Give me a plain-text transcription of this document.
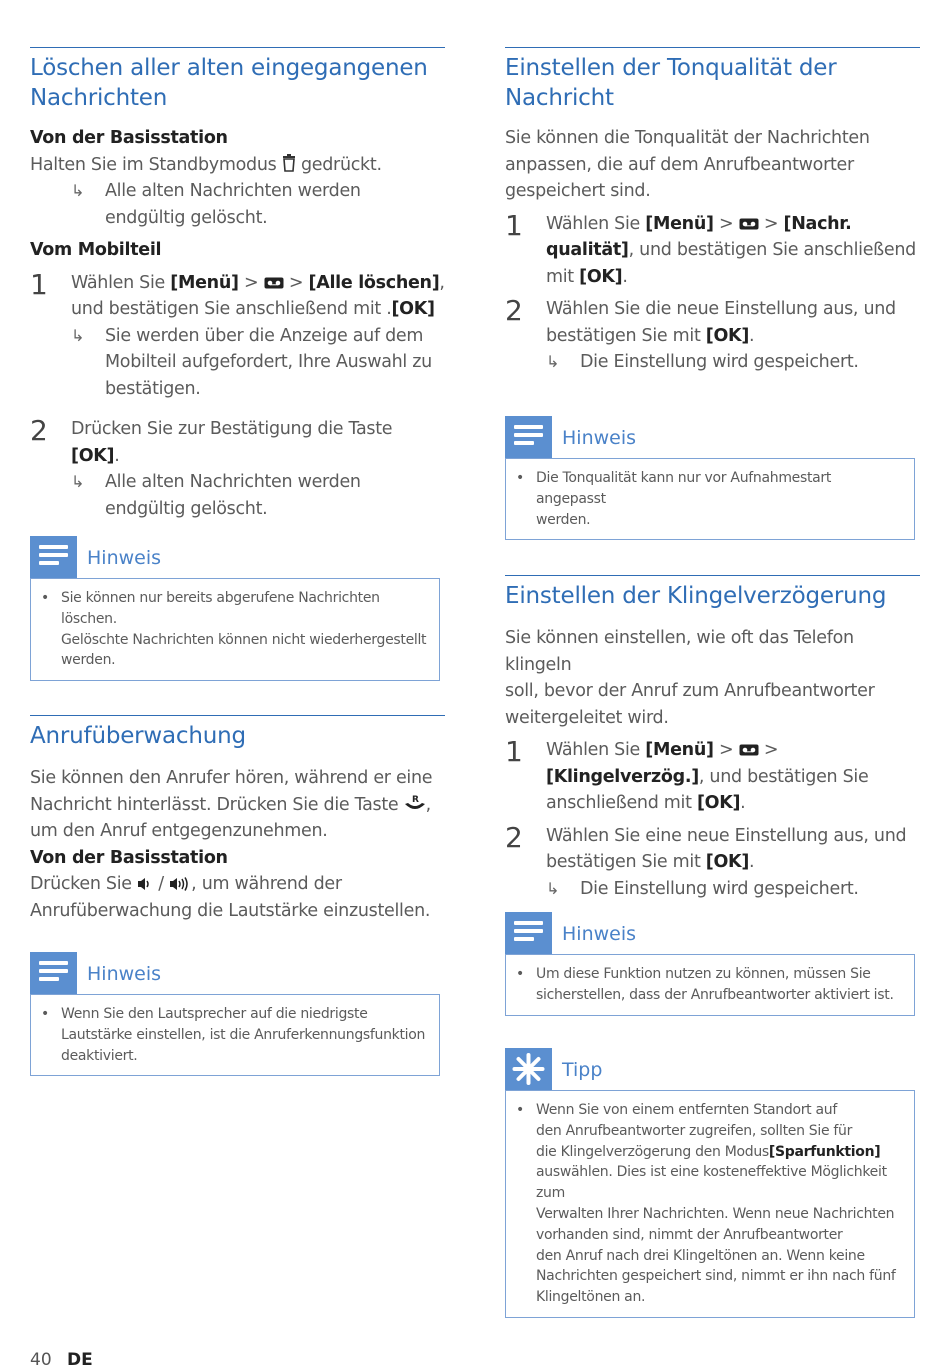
Löschen aller alten eingegangenen
Nachrichten
Von der Basisstation
Halten Sie im Standbymodus gedrückt.
↳ Alle alten Nachrichten werden
endgültig gelöscht.
Vom Mobilteil
1 Wählen Sie [Menü] > > [Alle löschen],
und bestätigen Sie anschließend mit .[OK]
↳ Sie werden über die Anzeige auf dem
Mobilteil aufgefordert, Ihre Auswahl zu
bestätigen.
2 Drücken Sie zur Bestätigung die Taste [OK].
↳ Alle alten Nachrichten werden
endgültig gelöscht.
Hinweis
• Sie können nur bereits abgerufene Nachrichten löschen.
Gelöschte Nachrichten können nicht wiederhergestellt
werden.
Anrufüberwachung
Sie können den Anrufer hören, während er eine
Nachricht hinterlässt. Drücken Sie die Taste R ,
um den Anruf entgegenzunehmen.
Von der Basisstation
Drücken Sie / , um während der
Anrufüberwachung die Lautstärke einzustellen.
Hinweis
• Wenn Sie den Lautsprecher auf die niedrigste
Lautstärke einstellen, ist die Anruferkennungsfunktion
deaktiviert.
Einstellen der Tonqualität der
Nachricht
Sie können die Tonqualität der Nachrichten
anpassen, die auf dem Anrufbeantworter
gespeichert sind.
1 Wählen Sie [Menü] > > [Nachr.
qualität], und bestätigen Sie anschließend
mit [OK].
2 Wählen Sie die neue Einstellung aus, und
bestätigen Sie mit [OK].
↳ Die Einstellung wird gespeichert.
Hinweis
• Die Tonqualität kann nur vor Aufnahmestart angepasst
werden.
Einstellen der Klingelverzögerung
Sie können einstellen, wie oft das Telefon klingeln
soll, bevor der Anruf zum Anrufbeantworter
weitergeleitet wird.
1 Wählen Sie [Menü] > >
[Klingelverzög.], und bestätigen Sie
anschließend mit [OK].
2 Wählen Sie eine neue Einstellung aus, und
bestätigen Sie mit [OK].
↳ Die Einstellung wird gespeichert.
Hinweis
• Um diese Funktion nutzen zu können, müssen Sie
sicherstellen, dass der Anrufbeantworter aktiviert ist.
Tipp
• Wenn Sie von einem entfernten Standort auf
den Anrufbeantworter zugreifen, sollten Sie für
die Klingelverzögerung den Modus[Sparfunktion]
auswählen. Dies ist eine kosteneffektive Möglichkeit zum
Verwalten Ihrer Nachrichten. Wenn neue Nachrichten
vorhanden sind, nimmt der Anrufbeantworter
den Anruf nach drei Klingeltönen an. Wenn keine
Nachrichten gespeichert sind, nimmt er ihn nach fünf
Klingeltönen an.
40 DE
